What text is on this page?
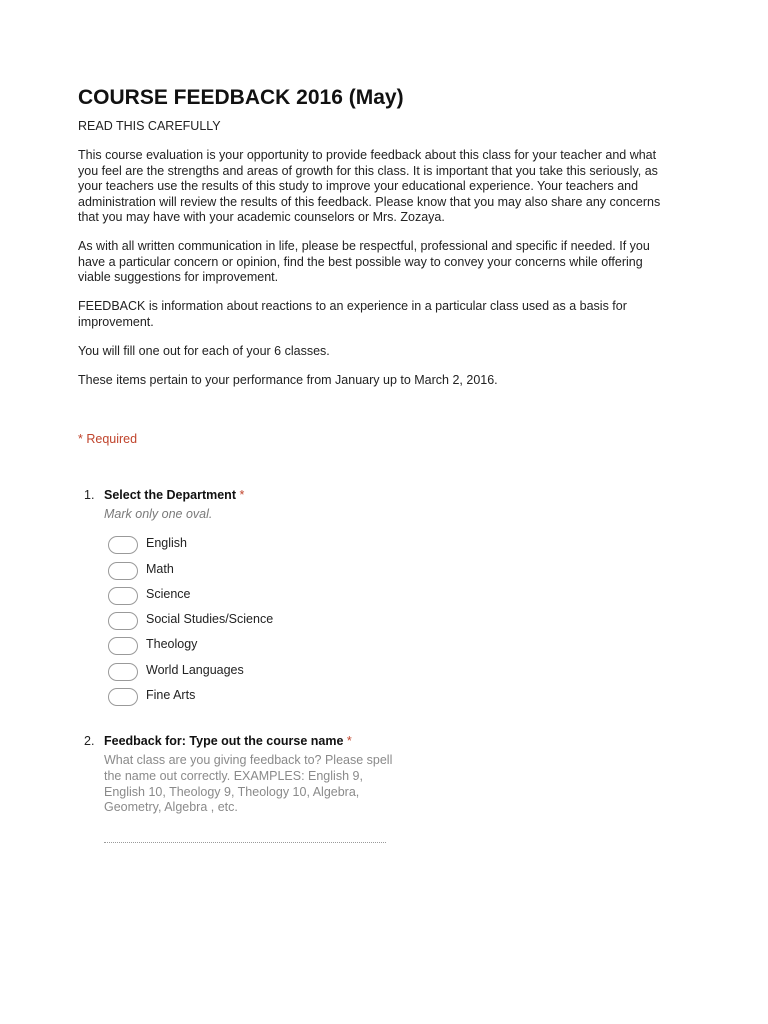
COURSE FEEDBACK 2016 (May)
READ THIS CAREFULLY

This course evaluation is your opportunity to provide feedback about this class for your teacher and what you feel are the strengths and areas of growth for this class. It is important that you take this seriously, as your teachers use the results of this study to improve your educational experience. Your teachers and administration will review the results of this feedback. Please know that you may also share any concerns that you may have with your academic counselors or Mrs. Zozaya.

As with all written communication in life, please be respectful, professional and specific if needed. If you have a particular concern or opinion, find the best possible way to convey your concerns while offering viable suggestions for improvement.

FEEDBACK is information about reactions to an experience in a particular class used as a basis for improvement.

You will fill one out for each of your 6 classes.

These items pertain to your performance from January up to March 2, 2016.

* Required
1. Select the Department *
Mark only one oval.
English
Math
Science
Social Studies/Science
Theology
World Languages
Fine Arts
2. Feedback for: Type out the course name *

What class are you giving feedback to? Please spell the name out correctly. EXAMPLES: English 9, English 10, Theology 9, Theology 10, Algebra, Geometry, Algebra , etc.
